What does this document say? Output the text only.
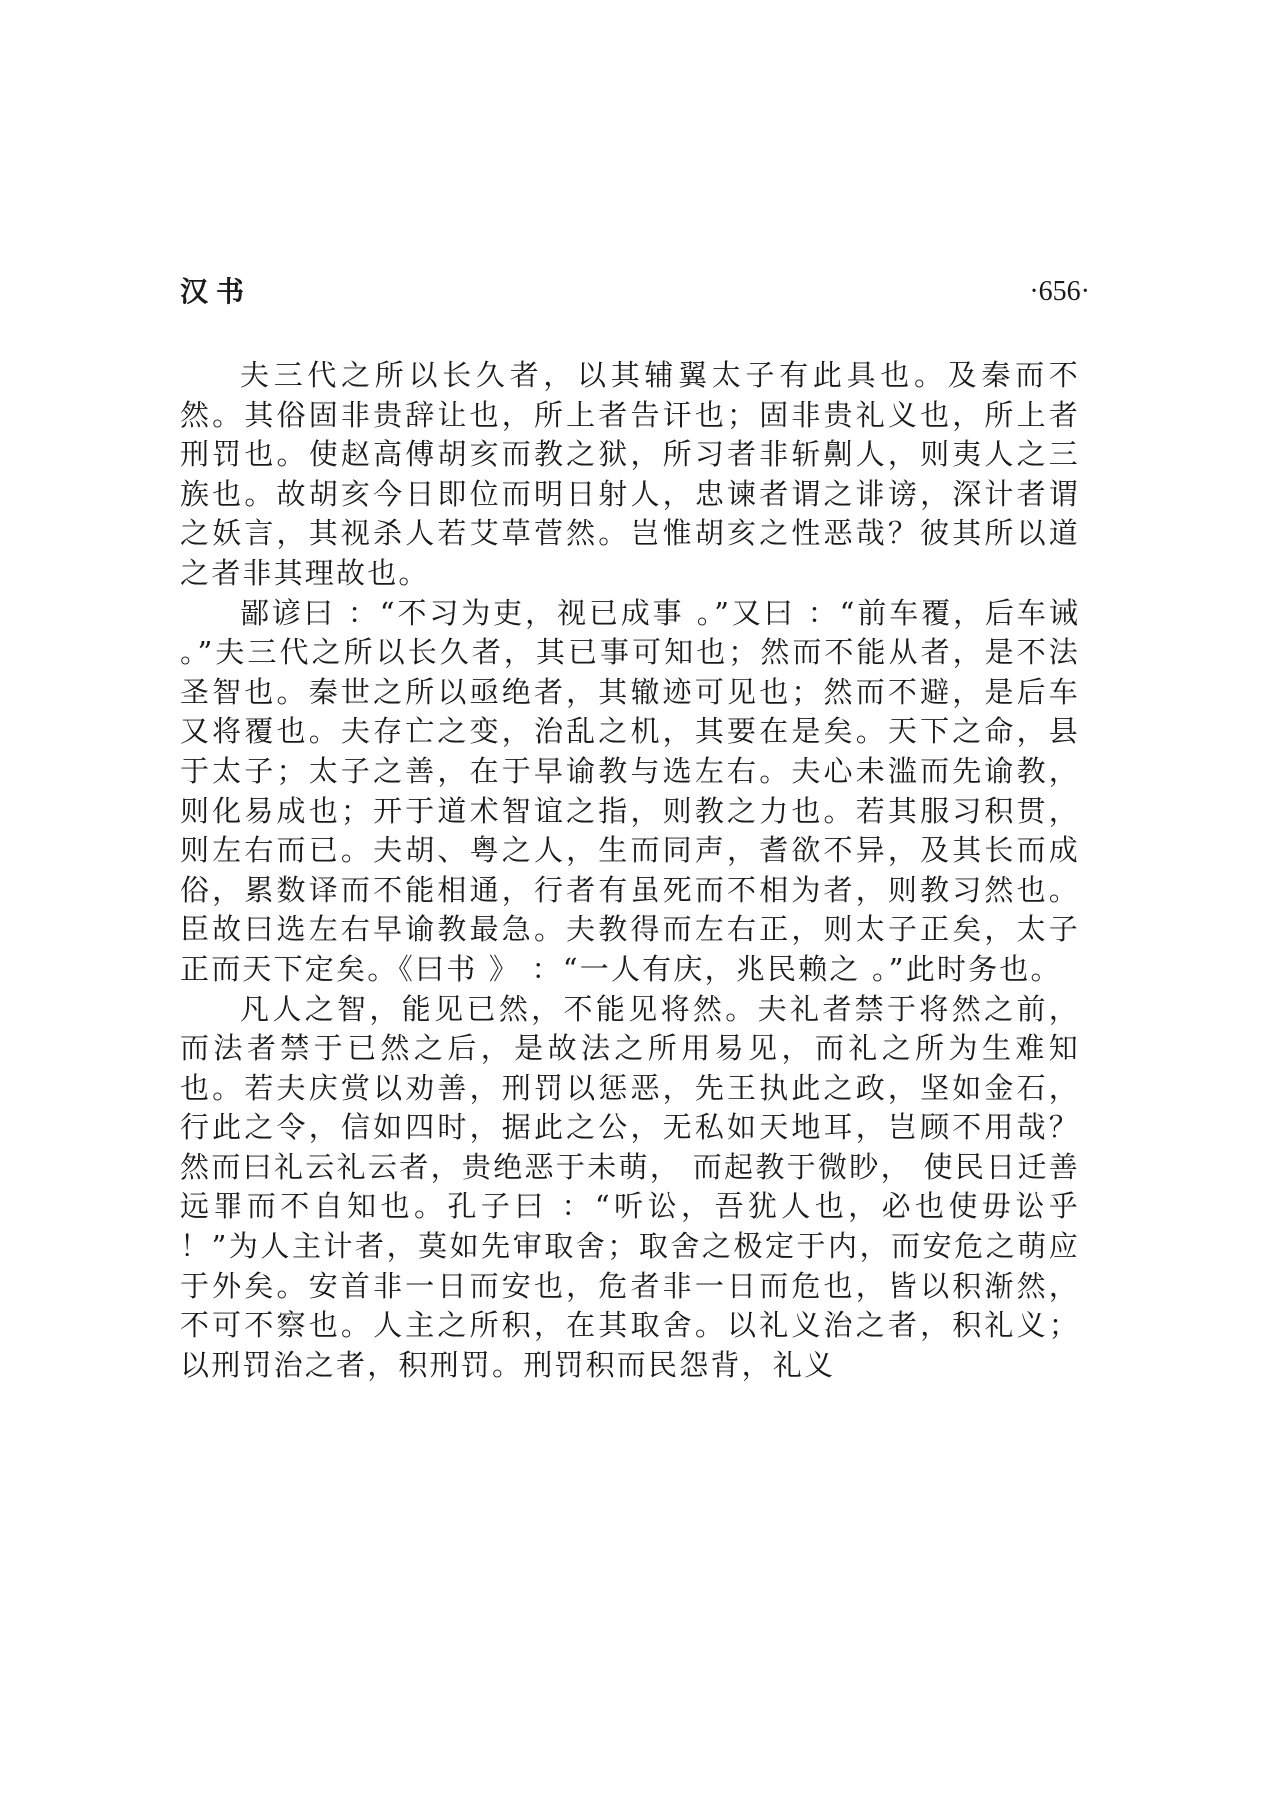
汉书	·656·

夫三代之所以长久者，以其辅翼太子有此具也。及秦而不然。其俗固非贵辞让也，所上者告讦也；固非贵礼义也，所上者刑罚也。使赵高傅胡亥而教之狱，所习者非斩劓人，则夷人之三族也。故胡亥今日即位而明日射人，忠谏者谓之诽谤，深计者谓之妖言，其视杀人若艾草菅然。岂惟胡亥之性恶哉？彼其所以道之者非其理故也。

鄙谚曰 ：“不习为吏，视已成事 。”又曰 ：“前车覆，后车诫 。”夫三代之所以长久者，其已事可知也；然而不能从者，是不法圣智也。秦世之所以亟绝者，其辙迹可见也；然而不避，是后车又将覆也。夫存亡之变，治乱之机，其要在是矣。天下之命，县于太子；太子之善，在于早谕教与选左右。夫心未滥而先谕教，则化易成也；开于道术智谊之指，则教之力也。若其服习积贯，则左右而已。夫胡、粤之人，生而同声，耆欲不异，及其长而成俗，累数译而不能相通，行者有虽死而不相为者，则教习然也。臣故曰选左右早谕教最急。夫教得而左右正，则太子正矣，太子正而天下定矣。《曰书 》 ：“一人有庆，兆民赖之 。”此时务也。

凡人之智，能见已然，不能见将然。夫礼者禁于将然之前，而法者禁于已然之后，是故法之所用易见，而礼之所为生难知也。若夫庆赏以劝善，刑罚以惩恶，先王执此之政，坚如金石，行此之令，信如四时，据此之公，无私如天地耳，岂顾不用哉？然而曰礼云礼云者，贵绝恶于未萌， 而起教于微眇， 使民日迁善远罪而不自知也。孔子曰 ：“听讼，吾犹人也，必也使毋讼乎 ！”为人主计者，莫如先审取舍；取舍之极定于内，而安危之萌应于外矣。安首非一日而安也，危者非一日而危也，皆以积渐然，不可不察也。人主之所积，在其取舍。以礼义治之者，积礼义；以刑罚治之者，积刑罚。刑罚积而民怨背，礼义
